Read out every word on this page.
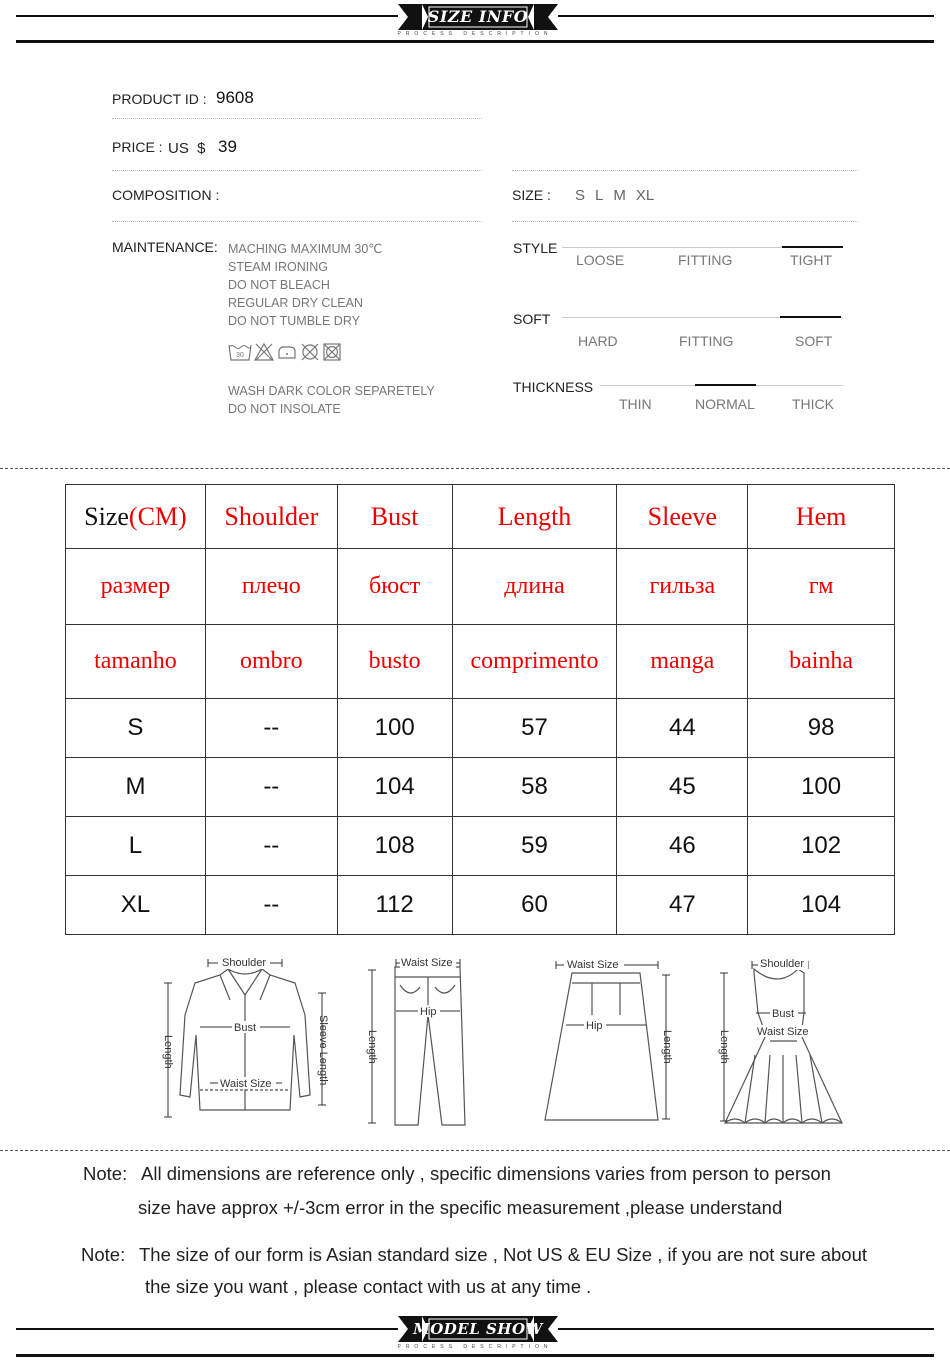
SIZE INFO
PROCESS DESCRIPTION
PRODUCT ID : 9608
PRICE : US  $ 39
COMPOSITION :	SIZE : S L M XL
MAINTENANCE: MACHING MAXIMUM 30℃
STEAM IRONING
DO NOT BLEACH
REGULAR DRY CLEAN
DO NOT TUMBLE DRY
30
WASH DARK COLOR SEPARETELY
DO NOT INSOLATE
STYLE
LOOSE	FITTING	TIGHT
SOFT
HARD	FITTING	SOFT
THICKNESS
THIN	NORMAL	THICK
Size(CM)	Shoulder	Bust	Length	Sleeve	Hem
размер	плечо	бюст	длина	гильза	гм
tamanho	ombro	busto	comprimento	manga	bainha
S	--	100	57	44	98
M	--	104	58	45	100
L	--	108	59	46	102
XL	--	112	60	47	104
Shoulder
Bust
Waist Size
Length	Sleeve Length
Waist Size
Hip
Length
Waist Size
Hip
Length
Shoulder
Bust
Waist Size
Length
Note: All dimensions are reference only , specific dimensions varies from person to person
size have approx +/-3cm error in the specific measurement ,please understand
Note: The size of our form is Asian standard size , Not US & EU Size , if you are not sure about
the size you want , please contact with us at any time .
MODEL SHOW
PROCESS DESCRIPTION
